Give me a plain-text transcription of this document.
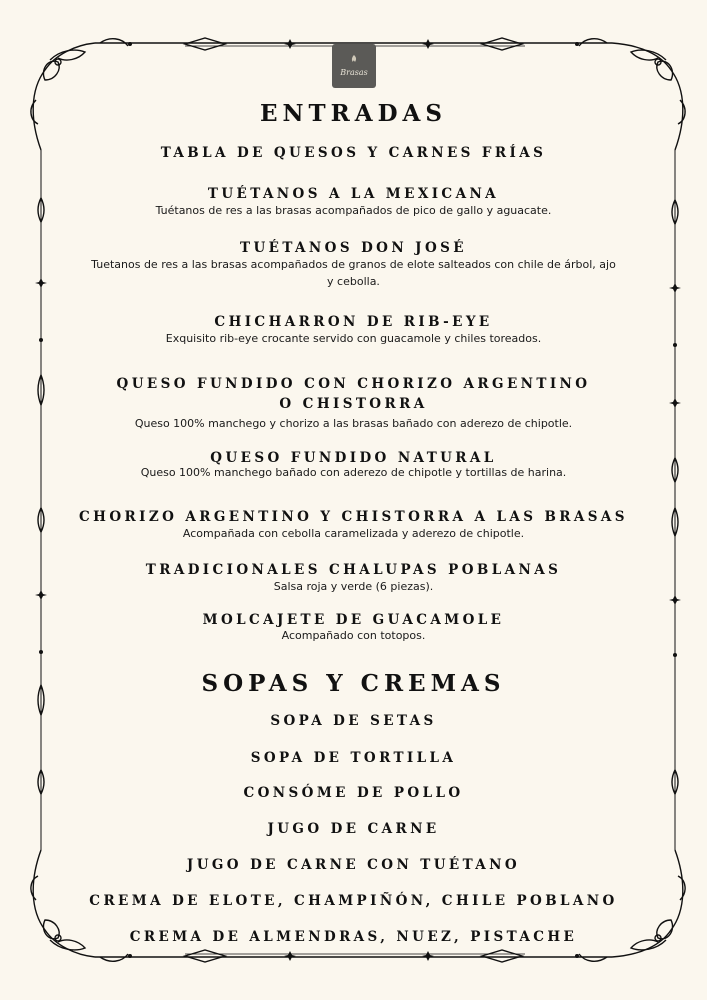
Brasas
ENTRADAS
TABLA DE QUESOS Y CARNES FRÍAS
TUÉTANOS A LA MEXICANA
Tuétanos de res a las brasas acompañados de pico de gallo y aguacate.
TUÉTANOS DON JOSÉ
Tuetanos de res a las brasas acompañados de granos de elote salteados con chile de árbol, ajo y cebolla.
CHICHARRON DE RIB-EYE
Exquisito rib-eye crocante servido con guacamole y chiles toreados.
QUESO FUNDIDO CON CHORIZO ARGENTINO O CHISTORRA
Queso 100% manchego y chorizo a las brasas bañado con aderezo de chipotle.
QUESO FUNDIDO NATURAL
Queso 100% manchego bañado con aderezo de chipotle y tortillas de harina.
CHORIZO ARGENTINO Y CHISTORRA A LAS BRASAS
Acompañada con cebolla caramelizada y aderezo de chipotle.
TRADICIONALES CHALUPAS POBLANAS
Salsa roja y verde (6 piezas).
MOLCAJETE DE GUACAMOLE
Acompañado con totopos.
SOPAS Y CREMAS
SOPA DE SETAS
SOPA DE TORTILLA
CONSÓME DE POLLO
JUGO DE CARNE
JUGO DE CARNE CON TUÉTANO
CREMA DE ELOTE, CHAMPIÑÓN, CHILE POBLANO
CREMA DE ALMENDRAS, NUEZ, PISTACHE
